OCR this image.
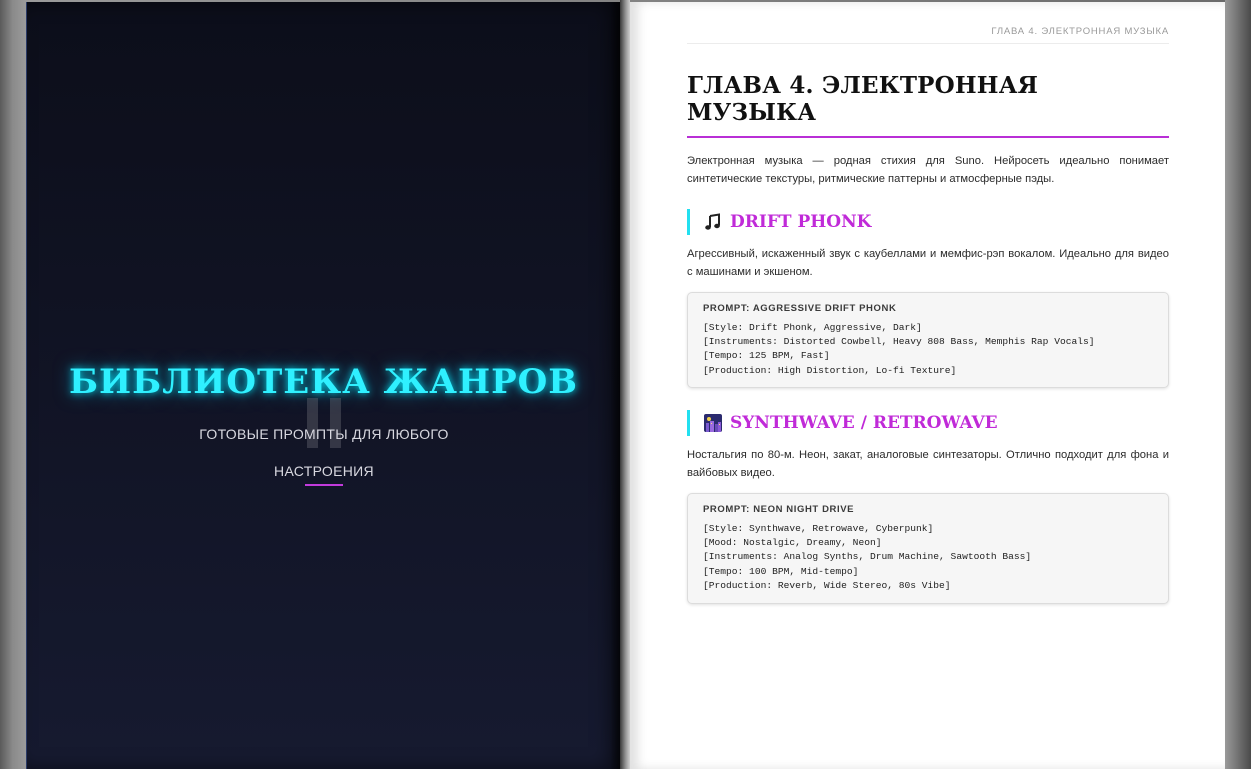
БИБЛИОТЕКА ЖАНРОВ
ГОТОВЫЕ ПРОМПТЫ ДЛЯ ЛЮБОГО НАСТРОЕНИЯ
ГЛАВА 4. ЭЛЕКТРОННАЯ МУЗЫКА
ГЛАВА 4. ЭЛЕКТРОННАЯ МУЗЫКА
Электронная музыка — родная стихия для Suno. Нейросеть идеально понимает синтетические текстуры, ритмические паттерны и атмосферные пэды.
DRIFT PHONK
Агрессивный, искаженный звук с каубеллами и мемфис-рэп вокалом. Идеально для видео с машинами и экшеном.
PROMPT: AGGRESSIVE DRIFT PHONK
[Style: Drift Phonk, Aggressive, Dark]
[Instruments: Distorted Cowbell, Heavy 808 Bass, Memphis Rap Vocals]
[Tempo: 125 BPM, Fast]
[Production: High Distortion, Lo-fi Texture]
SYNTHWAVE / RETROWAVE
Ностальгия по 80-м. Неон, закат, аналоговые синтезаторы. Отлично подходит для фона и вайбовых видео.
PROMPT: NEON NIGHT DRIVE
[Style: Synthwave, Retrowave, Cyberpunk]
[Mood: Nostalgic, Dreamy, Neon]
[Instruments: Analog Synths, Drum Machine, Sawtooth Bass]
[Tempo: 100 BPM, Mid-tempo]
[Production: Reverb, Wide Stereo, 80s Vibe]
